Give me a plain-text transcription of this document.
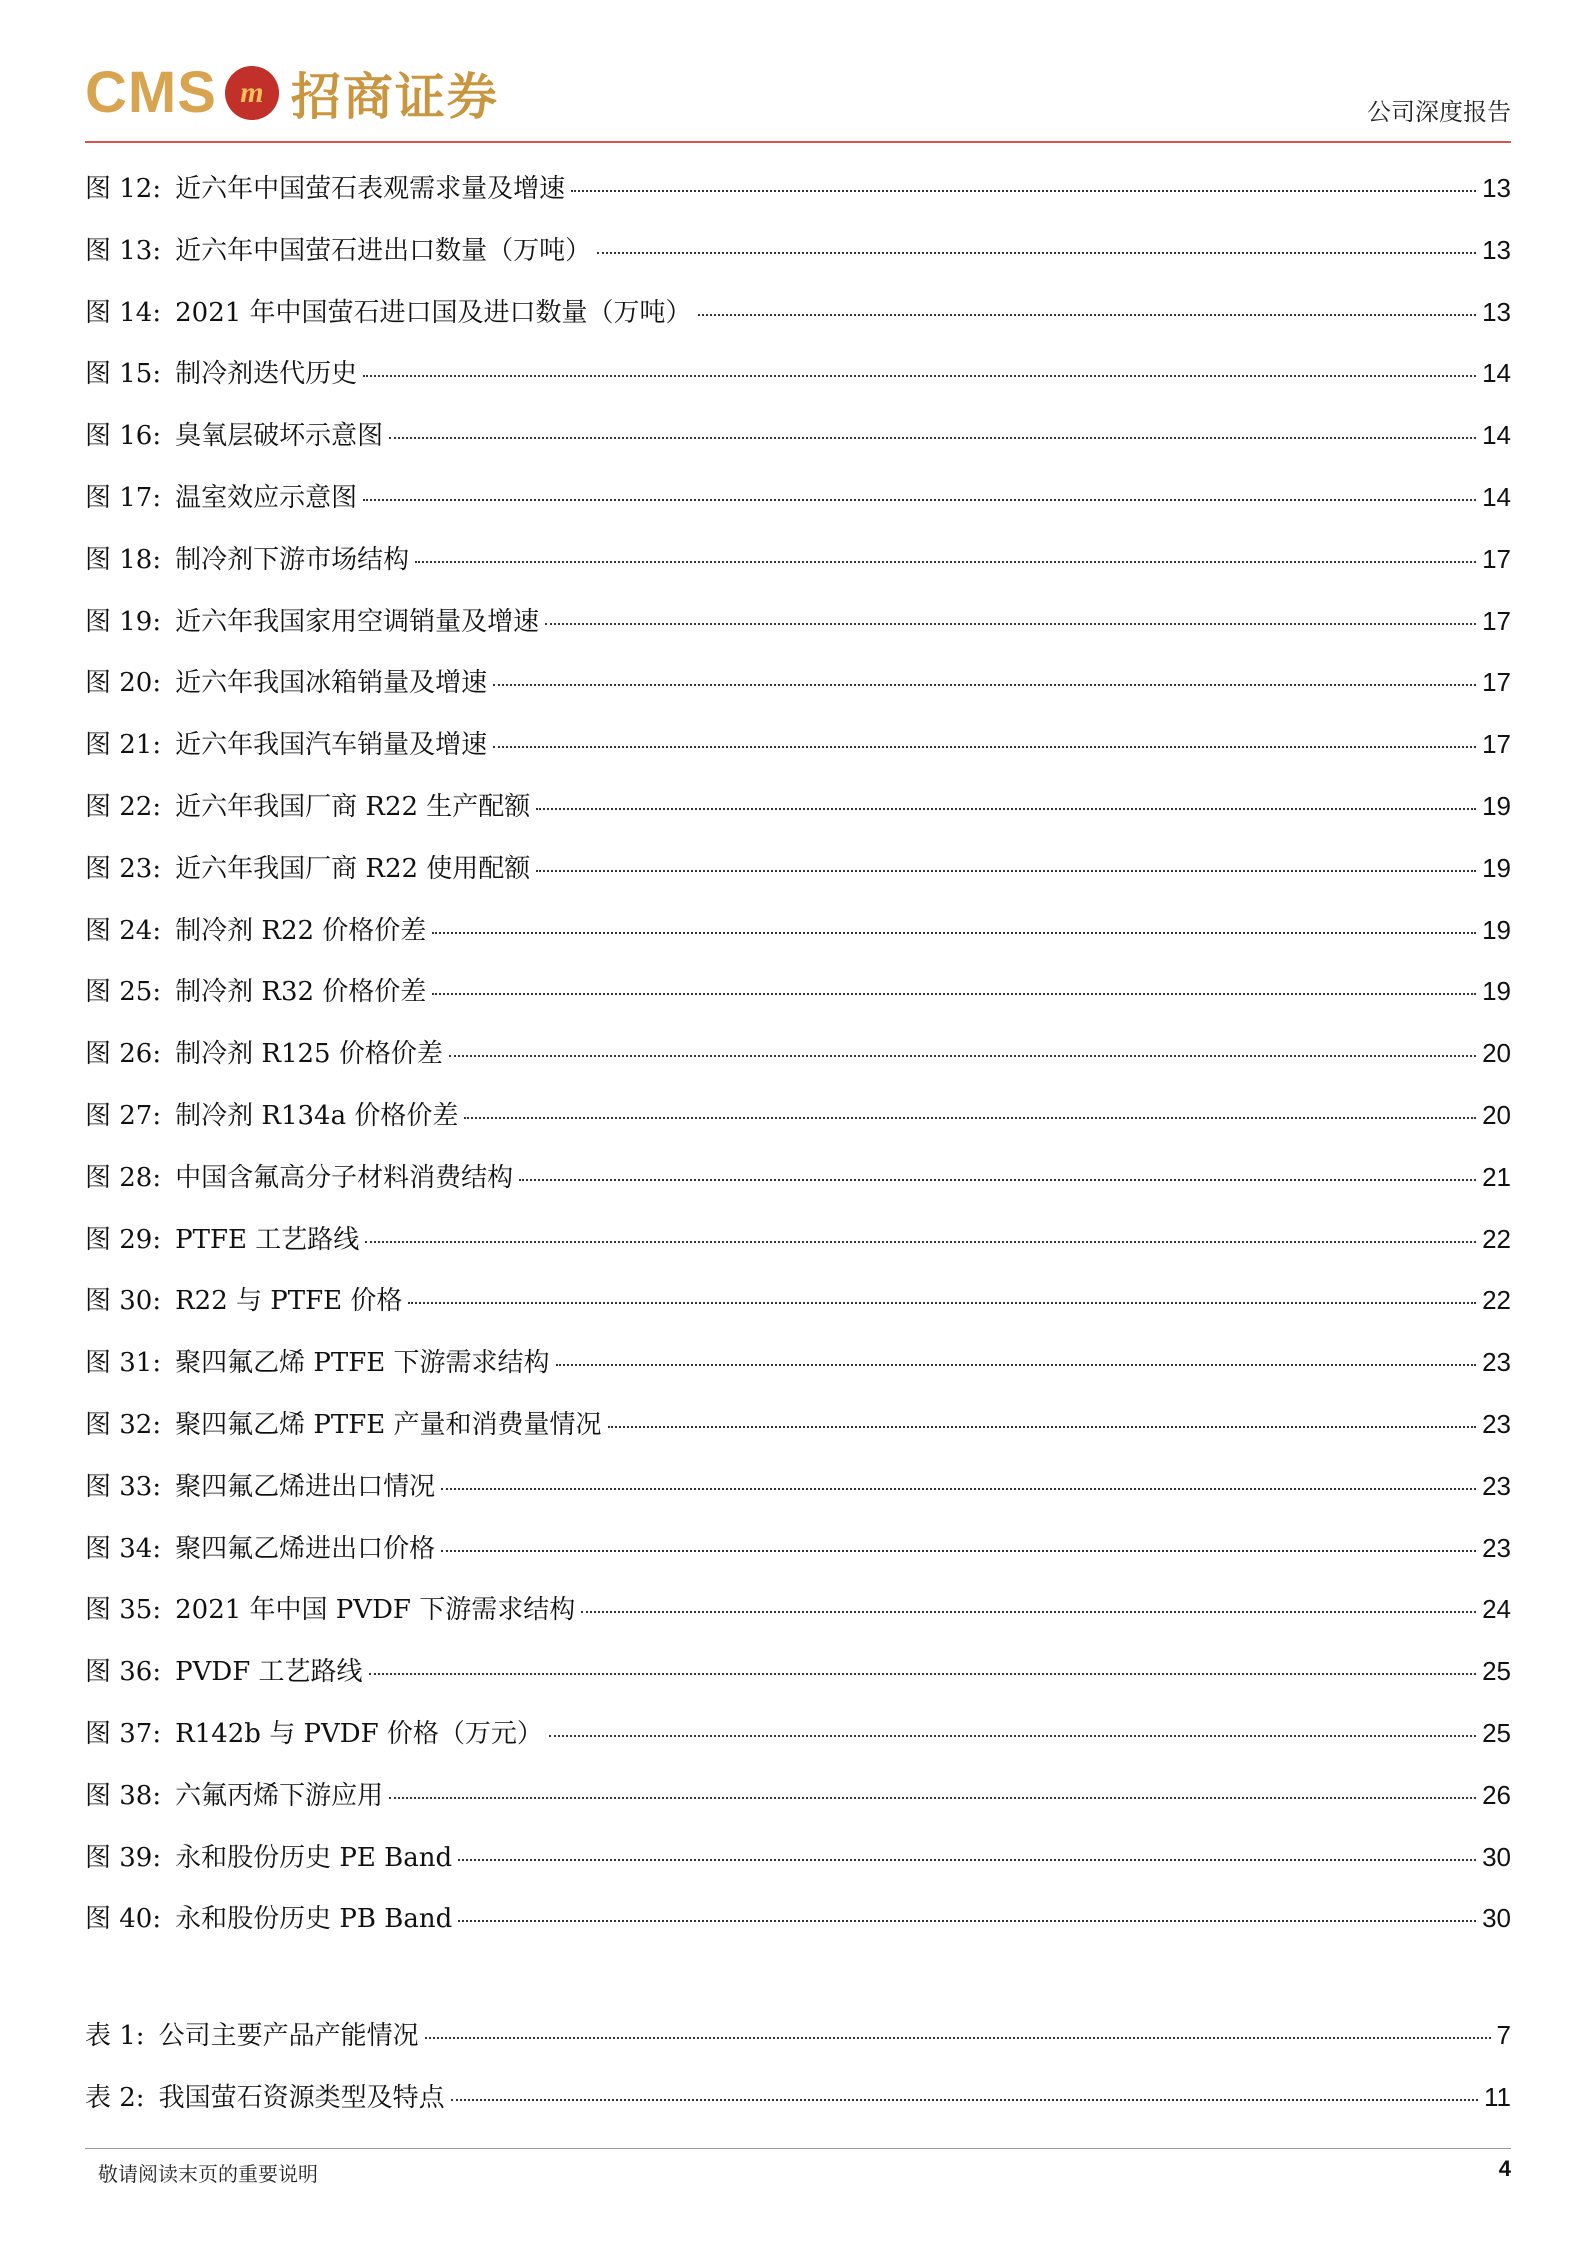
CMS m 招商证券	公司深度报告
图 12: 近六年中国萤石表观需求量及增速	13
图 13: 近六年中国萤石进出口数量（万吨）	13
图 14: 2021 年中国萤石进口国及进口数量（万吨）	13
图 15: 制冷剂迭代历史	14
图 16: 臭氧层破坏示意图	14
图 17: 温室效应示意图	14
图 18: 制冷剂下游市场结构	17
图 19: 近六年我国家用空调销量及增速	17
图 20: 近六年我国冰箱销量及增速	17
图 21: 近六年我国汽车销量及增速	17
图 22: 近六年我国厂商 R22 生产配额	19
图 23: 近六年我国厂商 R22 使用配额	19
图 24: 制冷剂 R22 价格价差	19
图 25: 制冷剂 R32 价格价差	19
图 26: 制冷剂 R125 价格价差	20
图 27: 制冷剂 R134a 价格价差	20
图 28: 中国含氟高分子材料消费结构	21
图 29: PTFE 工艺路线	22
图 30: R22 与 PTFE 价格	22
图 31: 聚四氟乙烯 PTFE 下游需求结构	23
图 32: 聚四氟乙烯 PTFE 产量和消费量情况	23
图 33: 聚四氟乙烯进出口情况	23
图 34: 聚四氟乙烯进出口价格	23
图 35: 2021 年中国 PVDF 下游需求结构	24
图 36: PVDF 工艺路线	25
图 37: R142b 与 PVDF 价格（万元）	25
图 38: 六氟丙烯下游应用	26
图 39: 永和股份历史 PE Band	30
图 40: 永和股份历史 PB Band	30
表 1: 公司主要产品产能情况	7
表 2: 我国萤石资源类型及特点	11
敬请阅读末页的重要说明	4
